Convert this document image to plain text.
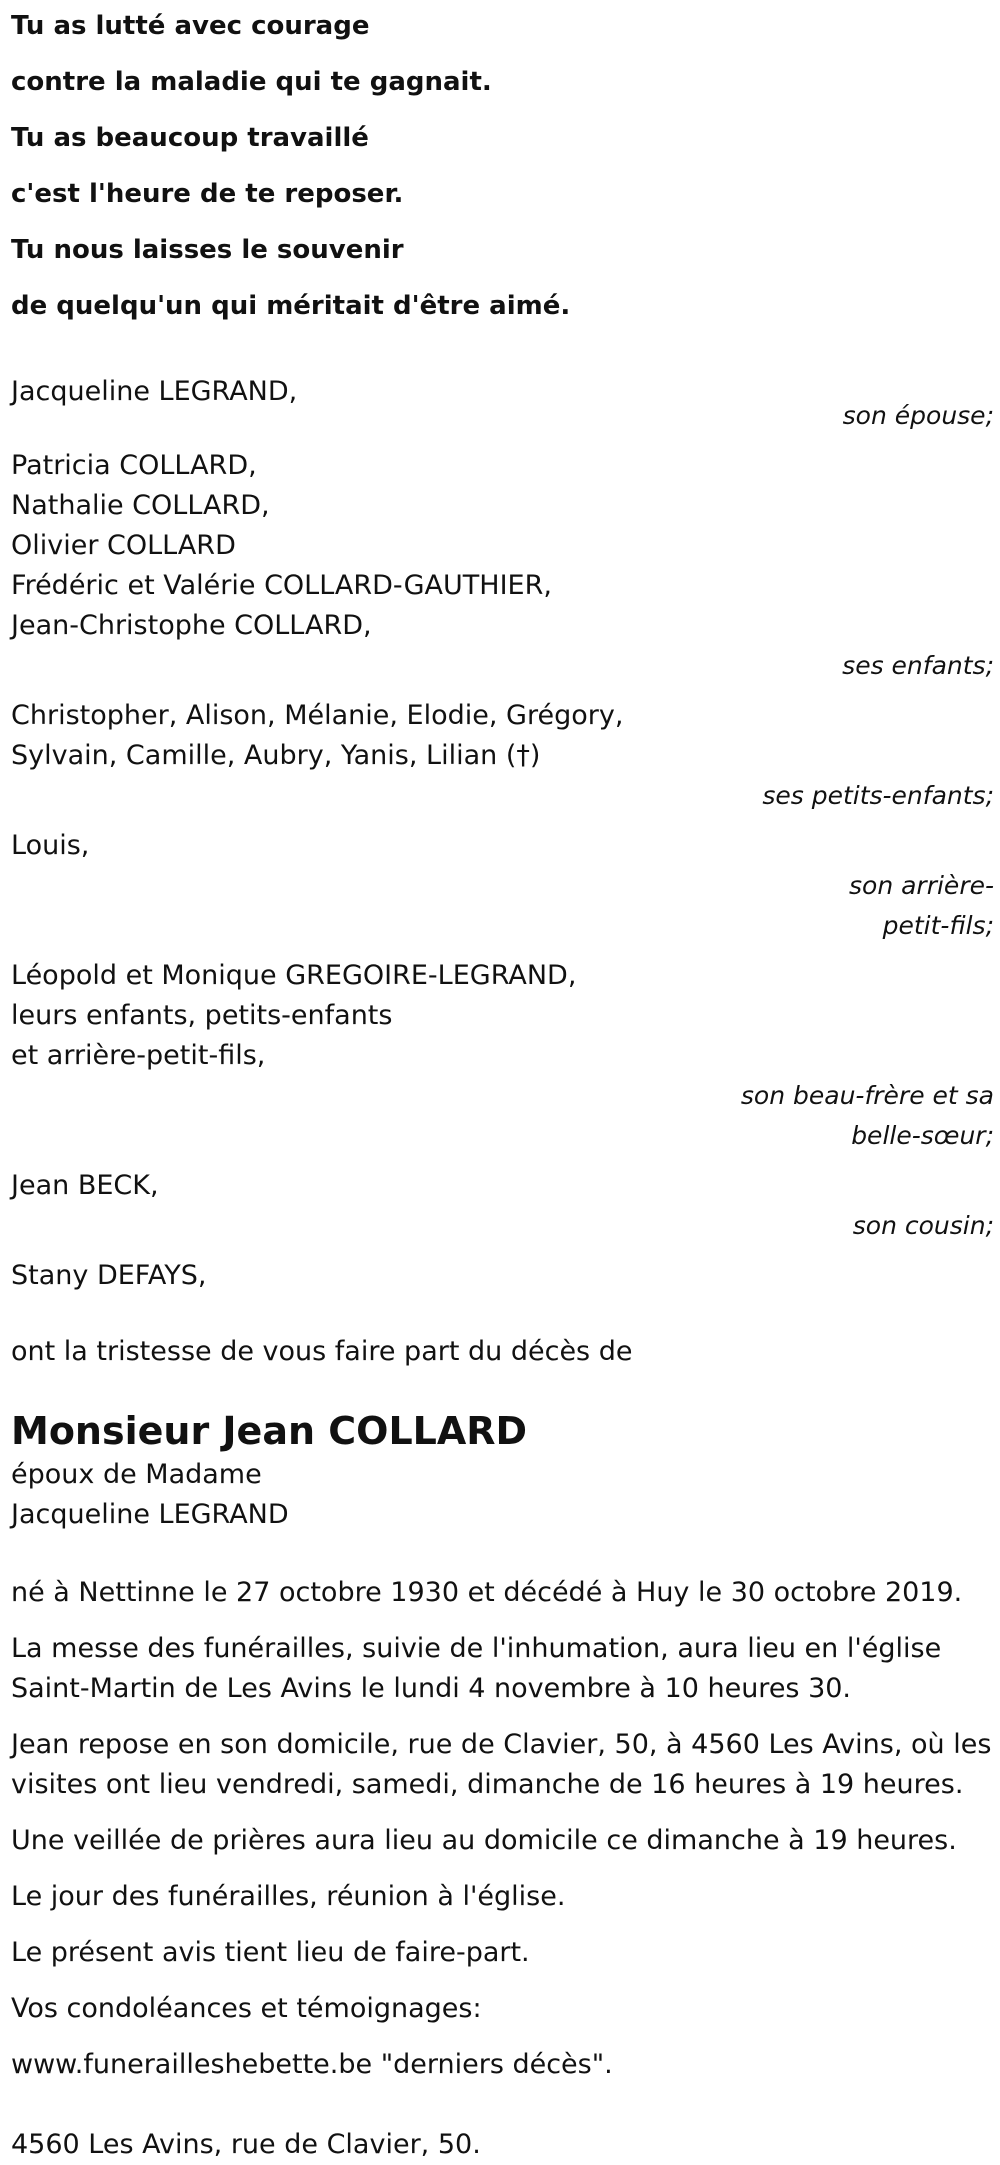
Tu as lutté avec courage
contre la maladie qui te gagnait.
Tu as beaucoup travaillé
c'est l'heure de te reposer.
Tu nous laisses le souvenir
de quelqu'un qui méritait d'être aimé.
Jacqueline LEGRAND,
son épouse;
Patricia COLLARD,
Nathalie COLLARD,
Olivier COLLARD
Frédéric et Valérie COLLARD-GAUTHIER,
Jean-Christophe COLLARD,
ses enfants;
Christopher, Alison, Mélanie, Elodie, Grégory,
Sylvain, Camille, Aubry, Yanis, Lilian (†)
ses petits-enfants;
Louis,
son arrière-petit-fils;
Léopold et Monique GREGOIRE-LEGRAND,
leurs enfants, petits-enfants
et arrière-petit-fils,
son beau-frère et sa belle-sœur;
Jean BECK,
son cousin;
Stany DEFAYS,
ont la tristesse de vous faire part du décès de
Monsieur Jean COLLARD
époux de Madame
Jacqueline LEGRAND
né à Nettinne le 27 octobre 1930 et décédé à Huy le 30 octobre 2019.
La messe des funérailles, suivie de l'inhumation, aura lieu en l'église Saint-Martin de Les Avins le lundi 4 novembre à 10 heures 30.
Jean repose en son domicile, rue de Clavier, 50, à 4560 Les Avins, où les visites ont lieu vendredi, samedi, dimanche de 16 heures à 19 heures.
Une veillée de prières aura lieu au domicile ce dimanche à 19 heures.
Le jour des funérailles, réunion à l'église.
Le présent avis tient lieu de faire-part.
Vos condoléances et témoignages:
www.funerailleshebette.be "derniers décès".
4560 Les Avins, rue de Clavier, 50.
